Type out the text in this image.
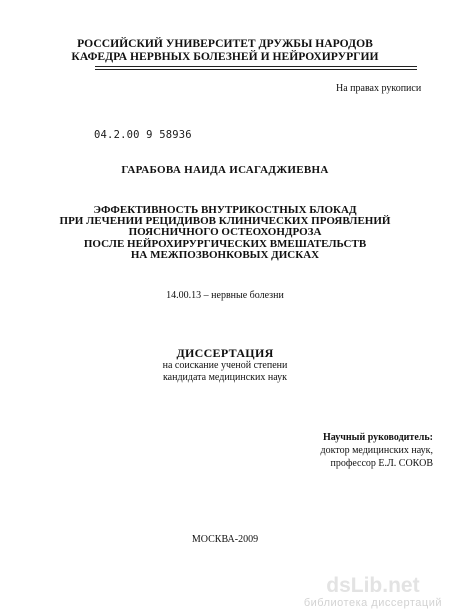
РОССИЙСКИЙ УНИВЕРСИТЕТ ДРУЖБЫ НАРОДОВ
КАФЕДРА НЕРВНЫХ БОЛЕЗНЕЙ И НЕЙРОХИРУРГИИ
На правах рукописи
04.2.00 9 58936
ГАРАБОВА НАИДА ИСАГАДЖИЕВНА
ЭФФЕКТИВНОСТЬ ВНУТРИКОСТНЫХ БЛОКАД
ПРИ ЛЕЧЕНИИ РЕЦИДИВОВ КЛИНИЧЕСКИХ ПРОЯВЛЕНИЙ
ПОЯСНИЧНОГО ОСТЕОХОНДРОЗА
ПОСЛЕ НЕЙРОХИРУРГИЧЕСКИХ ВМЕШАТЕЛЬСТВ
НА МЕЖПОЗВОНКОВЫХ ДИСКАХ
14.00.13 – нервные болезни
ДИССЕРТАЦИЯ
на соискание ученой степени
кандидата медицинских наук
Научный руководитель:
доктор медицинских наук,
профессор Е.Л. СОКОВ
МОСКВА-2009
dsLib.net
библиотека диссертаций
